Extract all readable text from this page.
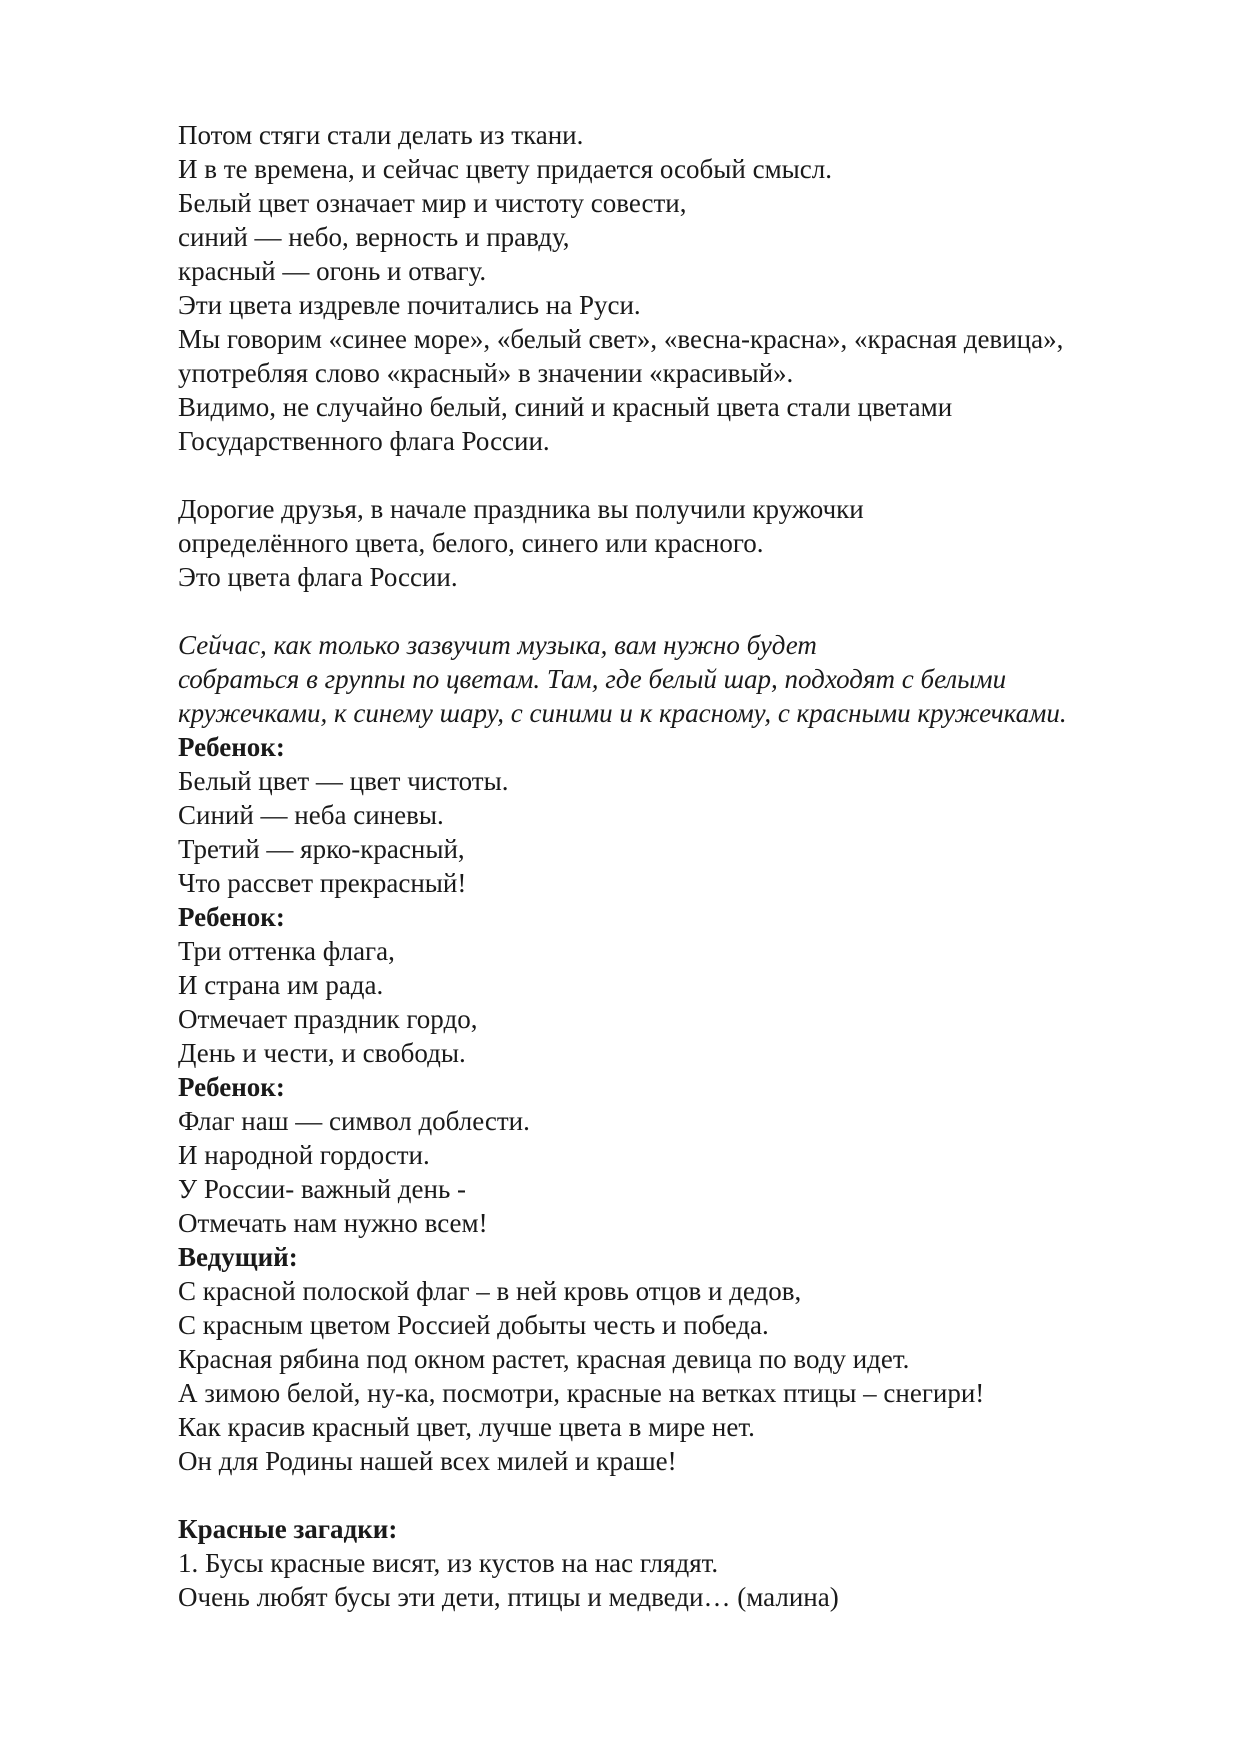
Потом стяги стали делать из ткани.
И в те времена, и сейчас цвету придается особый смысл.
Белый цвет означает мир и чистоту совести,
синий — небо, верность и правду,
красный — огонь и отвагу.
Эти цвета издревле почитались на Руси.
Мы говорим «синее море», «белый свет», «весна-красна», «красная девица»,
употребляя слово «красный» в значении «красивый».
Видимо, не случайно белый, синий и красный цвета стали цветами
Государственного флага России.
Дорогие друзья, в начале праздника вы получили кружочки
определённого цвета, белого, синего или красного.
Это цвета флага России.
Сейчас, как только зазвучит музыка, вам нужно будет
собраться в группы по цветам. Там, где белый шар, подходят с белыми
кружечками, к синему шару, с синими и к красному, с красными кружечками.
Ребенок:
Белый цвет — цвет чистоты.
Синий — неба синевы.
Третий — ярко-красный,
Что рассвет прекрасный!
Ребенок:
Три оттенка флага,
И страна им рада.
Отмечает праздник гордо,
День и чести, и свободы.
Ребенок:
Флаг наш — символ доблести.
И народной гордости.
У России- важный день -
Отмечать нам нужно всем!
Ведущий:
С красной полоской флаг – в ней кровь отцов и дедов,
С красным цветом Россией добыты честь и победа.
Красная рябина под окном растет, красная девица по воду идет.
А зимою белой, ну-ка, посмотри, красные на ветках птицы – снегири!
Как красив красный цвет, лучше цвета в мире нет.
Он для Родины нашей всех милей и краше!
Красные загадки:
1. Бусы красные висят, из кустов на нас глядят.
Очень любят бусы эти дети, птицы и медведи… (малина)
